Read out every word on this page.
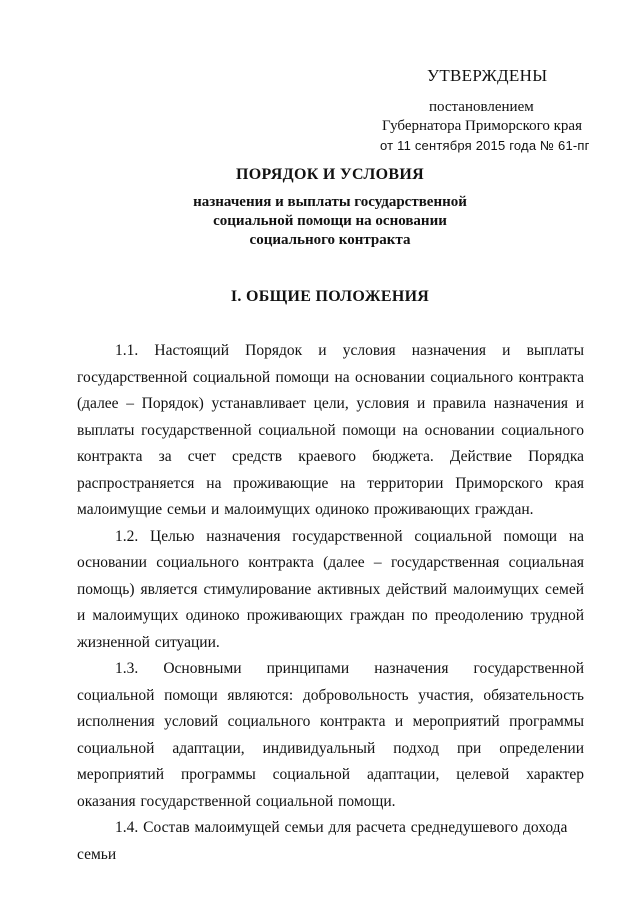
УТВЕРЖДЕНЫ
постановлением
Губернатора Приморского края
от 11 сентября 2015 года № 61-пг
ПОРЯДОК И УСЛОВИЯ
назначения и выплаты государственной социальной помощи на основании социального контракта
I. ОБЩИЕ ПОЛОЖЕНИЯ

1.1. Настоящий Порядок и условия назначения и выплаты государственной социальной помощи на основании социального контракта (далее – Порядок) устанавливает цели, условия и правила назначения и выплаты государственной социальной помощи на основании социального контракта за счет средств краевого бюджета. Действие Порядка распространяется на проживающие на территории Приморского края малоимущие семьи и малоимущих одиноко проживающих граждан.

1.2. Целью назначения государственной социальной помощи на основании социального контракта (далее – государственная социальная помощь) является стимулирование активных действий малоимущих семей и малоимущих одиноко проживающих граждан по преодолению трудной жизненной ситуации.

1.3. Основными принципами назначения государственной социальной помощи являются: добровольность участия, обязательность исполнения условий социального контракта и мероприятий программы социальной адаптации, индивидуальный подход при определении мероприятий программы социальной адаптации, целевой характер оказания государственной социальной помощи.

1.4. Состав малоимущей семьи для расчета среднедушевого дохода семьи
